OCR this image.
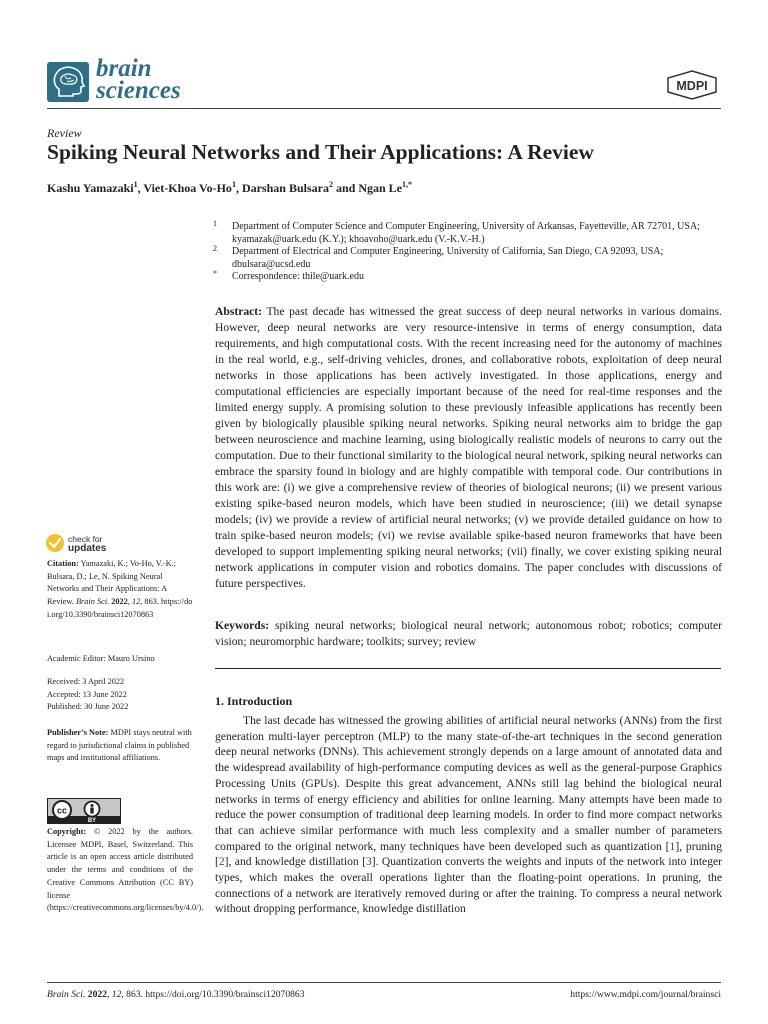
brain
sciences	MDPI
Review
Spiking Neural Networks and Their Applications: A Review
Kashu Yamazaki$^1$, Viet-Khoa Vo-Ho$^1$, Darshan Bulsara$^2$ and Ngan $Le^{1,*}$
1 Department of Computer Science and Computer Engineering, University of Arkansas, Fayetteville, AR 72701, USA; kyamazak@uark.edu (K.Y.); khoavoho@uark.edu (V.-K.V.-H.)
2 Department of Electrical and Computer Engineering, University of California, San Diego, CA 92093, USA; dbulsara@ucsd.edu
* Correspondence: thile@uark.edu
Abstract: The past decade has witnessed the great success of deep neural networks in various domains. However, deep neural networks are very resource-intensive in terms of energy consumption, data requirements, and high computational costs. With the recent increasing need for the autonomy of machines in the real world, e.g., self-driving vehicles, drones, and collaborative robots, exploitation of deep neural networks in those applications has been actively investigated. In those applications, energy and computational efficiencies are especially important because of the need for real-time responses and the limited energy supply. A promising solution to these previously infeasible applications has recently been given by biologically plausible spiking neural networks. Spiking neural networks aim to bridge the gap between neuroscience and machine learning, using biologically realistic models of neurons to carry out the computation. Due to their functional similarity to the biological neural network, spiking neural networks can embrace the sparsity found in biology and are highly compatible with temporal code. Our contributions in this work are: (i) we give a comprehensive review of theories of biological neurons; (ii) we present various existing spike-based neuron models, which have been studied in neuroscience; (iii) we detail synapse models; (iv) we provide a review of artificial neural networks; (v) we provide detailed guidance on how to train spike-based neuron models; (vi) we revise available spike-based neuron frameworks that have been developed to support implementing spiking neural networks; (vii) finally, we cover existing spiking neural network applications in computer vision and robotics domains. The paper concludes with discussions of future perspectives.
Keywords: spiking neural networks; biological neural network; autonomous robot; robotics; computer vision; neuromorphic hardware; toolkits; survey; review
1. Introduction
The last decade has witnessed the growing abilities of artificial neural networks (ANNs) from the first generation multi-layer perceptron (MLP) to the many state-of-the-art techniques in the second generation deep neural networks (DNNs). This achievement strongly depends on a large amount of annotated data and the widespread availability of high-performance computing devices as well as the general-purpose Graphics Processing Units (GPUs). Despite this great advancement, ANNs still lag behind the biological neural networks in terms of energy efficiency and abilities for online learning. Many attempts have been made to reduce the power consumption of traditional deep learning models. In order to find more compact networks that can achieve similar performance with much less complexity and a smaller number of parameters compared to the original network, many techniques have been developed such as quantization [1], pruning [2], and knowledge distillation [3]. Quantization converts the weights and inputs of the network into integer types, which makes the overall operations lighter than the floating-point operations. In pruning, the connections of a network are iteratively removed during or after the training. To compress a neural network without dropping performance, knowledge distillation
check for
updates
Citation: Yamazaki, K.; Vo-Ho, V.-K.; Bulsara, D.; Le, N. Spiking Neural Networks and Their Applications: A Review. Brain Sci. 2022, 12, 863. https://doi.org/10.3390/brainsci12070863
Academic Editor: Mauro Ursino
Received: 3 April 2022
Accepted: 13 June 2022
Published: 30 June 2022
Publisher’s Note: MDPI stays neutral with regard to jurisdictional claims in published maps and institutional affiliations.
cc
BY
Copyright: © 2022 by the authors. Licensee MDPI, Basel, Switzerland. This article is an open access article distributed under the terms and conditions of the Creative Commons Attribution (CC BY) license (https://creativecommons.org/licenses/by/4.0/).
Brain Sci. 2022, 12, 863. https://doi.org/10.3390/brainsci12070863	https://www.mdpi.com/journal/brainsci
